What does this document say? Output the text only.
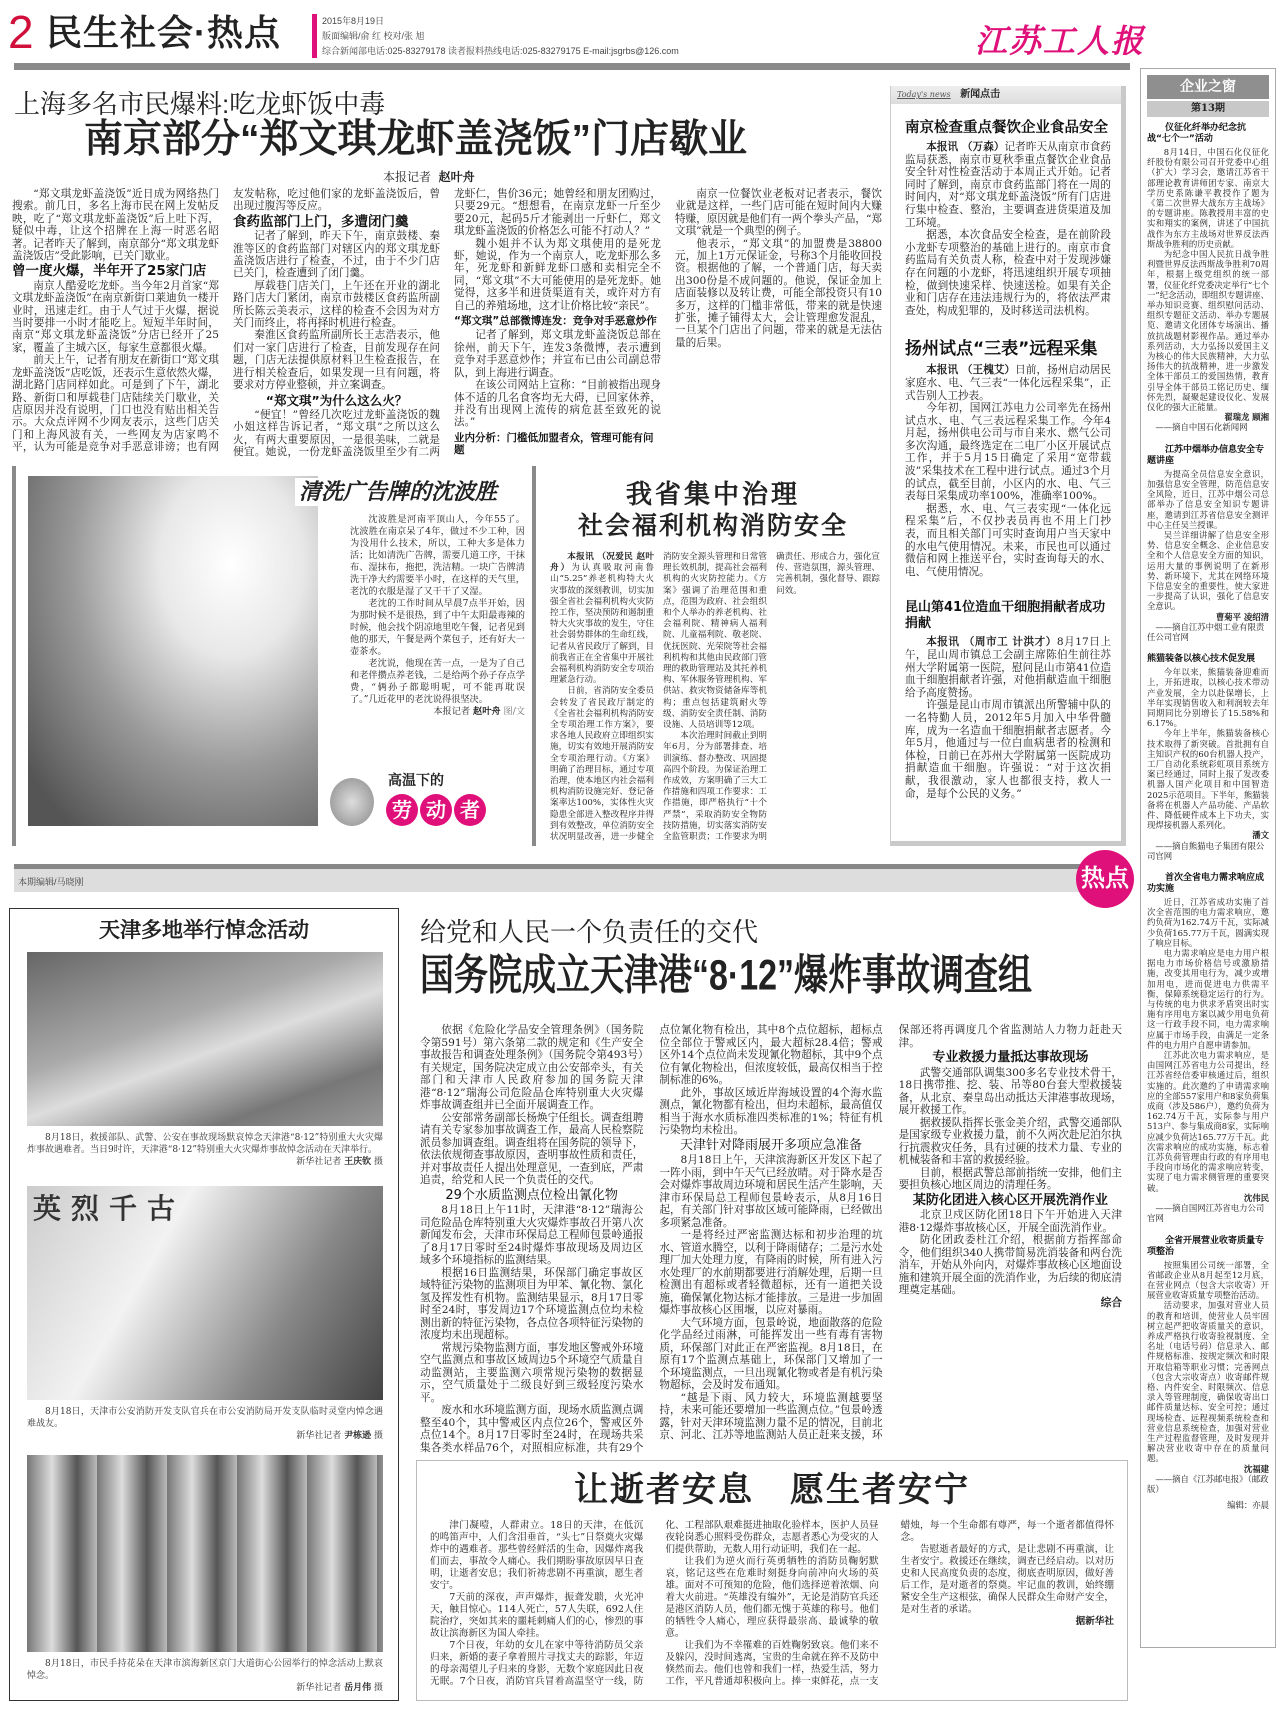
2 民生社会·热点	2015年8月19日
版面编辑/俞 红 校对/张 旭
综合新闻部电话:025-83279178 读者报料热线电话:025-83279175 E-mail:jsgrbs@126.com	江苏工人报
上海多名市民爆料:吃龙虾饭中毒
南京部分“郑文琪龙虾盖浇饭”门店歇业
本报记者 赵叶舟

“郑文琪龙虾盖浇饭”近日成为网络热门搜索。前几日，多名上海市民在网上发帖反映，吃了“郑文琪龙虾盖浇饭”后上吐下泻，疑似中毒，让这个招牌在上海一时恶名昭著。记者昨天了解到，南京部分“郑文琪龙虾盖浇饭店”受此影响，已关门歇业。

曾一度火爆，半年开了25家门店

南京人酷爱吃龙虾。当今年2月首家“郑文琪龙虾盖浇饭”在南京新街口莱迪负一楼开业时，迅速走红。由于人气过于火爆，据说当时要排一小时才能吃上。短短半年时间，南京“郑文琪龙虾盖浇饭”分店已经开了25家，覆盖了主城六区，每家生意都很火爆。

前天上午，记者有朋友在新街口“郑文琪龙虾盖浇饭”店吃饭，还表示生意依然火爆，湖北路门店同样如此。可是到了下午，湖北路、新街口和厚载巷门店陆续关门歇业，关店原因并没有说明，门口也没有贴出相关告示。大众点评网不少网友表示，这些门店关门和上海风波有关，一些网友为店家鸣不平，认为可能是竞争对手恶意诽谤；也有网友发帖称，吃过他们家的龙虾盖浇饭后，曾出现过腹泻等反应。

食药监部门上门，多遭闭门羹

记者了解到，昨天下午，南京鼓楼、秦淮等区的食药监部门对辖区内的郑文琪龙虾盖浇饭店进行了检查，不过，由于不少门店已关门，检查遭到了闭门羹。

厚载巷门店关门，上午还在开业的湖北路门店大门紧闭，南京市鼓楼区食药监所副所长陈云美表示，这样的检查不会因为对方关门而终止，将再择时机进行检查。

秦淮区食药监所副所长王志浩表示，他们对一家门店进行了检查，目前发现存在问题，门店无法提供原材料卫生检查报告，在进行相关检查后，如果发现一旦有问题，将要求对方停业整顿，并立案调查。

“郑文琪”为什么这么火？

“便宜！”曾经几次吃过龙虾盖浇饭的魏小姐这样告诉记者，“郑文琪”之所以这么火，有两大重要原因，一是很美味，二就是便宜。她说，一份龙虾盖浇饭里至少有二两龙虾仁，售价36元；她曾经和朋友团购过，只要29元。“想想看，在南京龙虾一斤至少要20元，起码5斤才能剥出一斤虾仁，郑文琪龙虾盖浇饭的价格怎么可能不打动人？”

魏小姐并不认为郑文琪使用的是死龙虾，她说，作为一个南京人，吃龙虾那么多年，死龙虾和新鲜龙虾口感和卖相完全不同，“郑文琪”不大可能使用的是死龙虾。她觉得，这多半和进货渠道有关，或许对方有自己的养殖场地，这才让价格比较“亲民”。

“郑文琪”总部微博连发：竞争对手恶意炒作

记者了解到，郑文琪龙虾盖浇饭总部在徐州，前天下午，连发3条微博，表示遭到竞争对手恶意炒作；并宣布已由公司副总带队，到上海进行调查。

在该公司网站上宣称：“目前被指出现身体不适的几名食客均无大碍，已回家休养，并没有出现网上流传的病危甚至致死的说法。”

业内分析：门槛低加盟者众，管理可能有问题

南京一位餐饮业老板对记者表示，餐饮业就是这样，一些门店可能在短时间内大赚特赚，原因就是他们有一两个拳头产品，“郑文琪”就是一个典型的例子。

他表示，“郑文琪”的加盟费是38800元，加上1万元保证金，号称3个月能收回投资。根据他的了解，一个普通门店，每天卖出300份是不成问题的。他说，保证金加上店面装修以及转让费，可能全部投资只有10多万，这样的门槛非常低，带来的就是快速扩张，摊子铺得太大，会让管理愈发混乱，一旦某个门店出了问题，带来的就是无法估量的后果。

Today's news 新闻点击
南京检查重点餐饮企业食品安全

本报讯 （万森）记者昨天从南京市食药监局获悉，南京市夏秋季重点餐饮企业食品安全针对性检查活动于本周正式开始。记者同时了解到，南京市食药监部门将在一周的时间内，对“郑文琪龙虾盖浇饭”所有门店进行集中检查、整治，主要调查进货渠道及加工环境。

据悉，本次食品安全检查，是在前阶段小龙虾专项整治的基础上进行的。南京市食药监局有关负责人称，检查中对于发现涉嫌存在问题的小龙虾，将迅速组织开展专项抽检，做到快速采样、快速送检。如果有关企业和门店存在违法违规行为的，将依法严肃查处，构成犯罪的，及时移送司法机构。

扬州试点“三表”远程采集

本报讯 （王槐艾）日前，扬州启动居民家庭水、电、气三表“一体化远程采集”，正式告别人工抄表。

今年初，国网江苏电力公司率先在扬州试点水、电、气三表远程采集工作。今年4月起，扬州供电公司与市自来水、燃气公司多次沟通，最终选定在二电厂小区开展试点工作，并于5月15日确定了采用“宽带载波”采集技术在工程中进行试点。通过3个月的试点，截至目前，小区内的水、电、气三表每日采集成功率100%，准确率100%。

据悉，水、电、气三表实现“一体化远程采集”后，不仅抄表员再也不用上门抄表，而且相关部门可实时查询用户当天家中的水电气使用情况。未来，市民也可以通过微信和网上推送平台，实时查询每天的水、电、气使用情况。

昆山第41位造血干细胞捐献者成功捐献

本报讯 （周市工 计洪才）8月17日上午，昆山周市镇总工会副主席陈伯生前往苏州大学附属第一医院，慰问昆山市第41位造血干细胞捐献者许强，对他捐献造血干细胞给予高度赞扬。

许强是昆山市周市镇派出所警辅中队的一名特勤人员，2012年5月加入中华骨髓库，成为一名造血干细胞捐献者志愿者。今年5月，他通过与一位白血病患者的检测和体检，日前已在苏州大学附属第一医院成功捐献造血干细胞。许强说：“对于这次捐献，我很激动，家人也都很支持，救人一命，是每个公民的义务。”

清洗广告牌的沈波胜

沈波胜是河南平顶山人，今年55了。沈波胜在南京呆了4年，做过不少工种，因为没用什么技术，所以，工种大多是体力活；比如清洗广告牌，需要几道工序，干抹布、湿抹布，拖把，洗洁精。一块广告牌清洗干净大约需要半小时，在这样的天气里，老沈的衣服是湿了又干干了又湿。

老沈的工作时间从早晨7点半开始，因为那时候不是很热，到了中午太阳最毒辣的时候，他会找个阴凉地里吃午餐，记者见到他的那天，午餐是两个菜包子，还有好大一壶茶水。

老沈说，他现在苦一点，一是为了自己和老伴攒点养老钱，二是给两个孙子存点学费，“俩孙子都聪明呢，可不能再耽误了。”几近花甲的老沈说得很坚决。

本报记者 赵叶舟 图/文
高温下的
劳 动 者
我省集中治理
社会福利机构消防安全

本报讯 （况爱民 赵叶舟）为认真吸取河南鲁山“5.25”养老机构特大火灾事故的深刻教训，切实加强全省社会福利机构火灾防控工作，坚决预防和遏制重特大火灾事故的发生，守住社会弱势群体的生命红线，记者从省民政厅了解到，目前我省正在全省集中开展社会福利机构消防安全专项治理紧急行动。

日前，省消防安全委员会转发了省民政厅制定的《全省社会福利机构消防安全专项治理工作方案》，要求各地人民政府立即组织实施，切实有效地开展消防安全专项治理行动。《方案》明确了治理目标，通过专项治理，使本地区内社会福利机构消防设施完好、登记备案率达100%，实体性火灾隐患全部进入整改程序并得到有效整改，单位消防安全状况明显改善，进一步健全消防安全源头管理和日常管理长效机制，提高社会福利机构的火灾防控能力。《方案》强调了治理范围和重点，范围为政府、社会组织和个人举办的养老机构、社会福利院、精神病人福利院、儿童福利院、敬老院、优抚医院、光荣院等社会福利机构和其他由民政部门管理的救助管理站及其托养机构、军休服务管理机构、军供站、救灾物资储备库等机构；重点包括建筑耐火等级、消防安全责任制、消防设施、人员培训等12项。

本次治理时间截止到明年6月，分为部署排查、培训演练、督办整改、巩固提高四个阶段。为保证治理工作成效，方案明确了三大工作措施和四项工作要求：工作措施，即严格执行“十个严禁”，采取消防安全物防技防措施，切实落实消防安全监管职责；工作要求为明确责任、形成合力，强化宣传、营造氛围，源头管理、完善机制，强化督导、跟踪问效。

本期编辑/马晓刚	热点
天津多地举行悼念活动

8月18日，救援部队、武警、公安在事故现场默哀悼念天津港“8·12”特别重大火灾爆炸事故遇难者。当日9时许，天津港“8·12”特别重大火灾爆炸事故悼念活动在天津举行。

新华社记者 王庆钦 摄
英烈千古

8月18日，天津市公安消防开发支队官兵在市公安消防局开发支队临时灵堂内悼念遇难战友。

新华社记者 尹栋逊 摄

8月18日，市民手持花朵在天津市滨海新区京门大道街心公园举行的悼念活动上默哀悼念。

新华社记者 岳月伟 摄
给党和人民一个负责任的交代
国务院成立天津港“8·12”爆炸事故调查组

依据《危险化学品安全管理条例》（国务院令第591号）第六条第二款的规定和《生产安全事故报告和调查处理条例》（国务院令第493号）有关规定，国务院决定成立由公安部牵头，有关部门和天津市人民政府参加的国务院天津港“8·12”瑞海公司危险品仓库特别重大火灾爆炸事故调查组并已全面开展调查工作。

公安部常务副部长杨焕宁任组长。调查组聘请有关专家参加事故调查工作，最高人民检察院派员参加调查组。调查组将在国务院的领导下，依法依规彻查事故原因，查明事故性质和责任，并对事故责任人提出处理意见，一查到底，严肃追责，给党和人民一个负责任的交代。

29个水质监测点位检出氰化物

8月18日上午11时，天津港“8·12”瑞海公司危险品仓库特别重大火灾爆炸事故召开第八次新闻发布会，天津市环保局总工程师包景岭通报了8月17日零时至24时爆炸事故现场及周边区域多个环境指标的监测结果。

根据16日监测结果，环保部门确定事故区域特征污染物的监测项目为甲苯、氰化物、氯化氢及挥发性有机物。监测结果显示，8月17日零时至24时，事发周边17个环境监测点位均未检测出新的特征污染物，各点位各项特征污染物的浓度均未出现超标。

常规污染物监测方面，事发地区警戒外环境空气监测点和事故区域周边5个环境空气质量自动监测站，主要监测六项常规污染物的数据显示，空气质量处于二级良好到三级轻度污染水平。

废水和水环境监测方面，现场水质监测点调整至40个，其中警戒区内点位26个，警戒区外点位14个。8月17日零时至24时，在现场共采集各类水样品76个，对照相应标准，共有29个点位氰化物有检出，其中8个点位超标，超标点位全部位于警戒区内，最大超标28.4倍；警戒区外14个点位尚未发现氰化物超标，其中9个点位有氰化物检出，但浓度较低，最高仅相当于控制标准的6%。

此外，事故区域近岸海域设置的4个海水监测点，氰化物都有检出，但均未超标，最高值仅相当于海水水质标准四类标准的1%；特征有机污染物均未检出。

天津针对降雨展开多项应急准备

8月18日上午，天津滨海新区开发区下起了一阵小雨，到中午天气已经放晴。对于降水是否会对爆炸事故周边环境和居民生活产生影响，天津市环保局总工程师包景岭表示，从8月16日起，有关部门针对事故区域可能降雨，已经做出多项紧急准备。

一是将经过严密监测达标和初步治理的坑水、管道水腾空，以利于降雨储存；二是污水处理厂加大处理力度，有降雨的时候，所有进入污水处理厂的水前期都要进行消解处理，后期一旦检测出有超标或者轻微超标，还有一道把关设施，确保氰化物达标才能排放。三是进一步加固爆炸事故核心区围堰，以应对暴雨。

大气环境方面，包景岭说，地面散落的危险化学品经过雨淋，可能挥发出一些有毒有害物质，环保部门对此正在严密监视。8月18日，在原有17个监测点基础上，环保部门又增加了一个环境监测点，一旦出现氰化物或者是有机污染物超标，会及时发布通知。

“越是下雨、风力较大，环境监测越要坚持，未来可能还要增加一些监测点位。”包景岭透露，针对天津环境监测力量不足的情况，目前北京、河北、江苏等地监测站人员正赶来支援，环保部还将再调度几个省监测站人力物力赶赴天津。

专业救援力量抵达事故现场

武警交通部队调集300多名专业技术骨干，18日携带推、挖、装、吊等80台套大型救援装备，从北京、秦皇岛出动抵达天津港事故现场，展开救援工作。

据救援队指挥长张金美介绍，武警交通部队是国家级专业救援力量，前不久两次赴尼泊尔执行抗震救灾任务，具有过硬的技术力量、专业的机械装备和丰富的救援经验。

目前，根据武警总部前指统一安排，他们主要担负核心地区周边的清理任务。

某防化团进入核心区开展洗消作业

北京卫戍区防化团18日下午开始进入天津港8·12爆炸事故核心区，开展全面洗消作业。

防化团政委杜江介绍，根据前方指挥部命令，他们组织340人携带简易洗消装备和两台洗消车，开始从外向内，对爆炸事故核心区地面设施和建筑开展全面的洗消作业，为后续的彻底清理奠定基础。

综合
让逝者安息　愿生者安宁

津门凝噎，人群肃立。18日的天津，在低沉的鸣笛声中，人们含泪垂首，“头七”日祭奠火灾爆炸中的遇难者。那些曾经鲜活的生命，因爆炸离我们而去，事故令人痛心。我们期盼事故原因早日查明，让逝者安息；我们祈祷悲剧不再重演，愿生者安宁。

7天前的深夜，声声爆炸，振聋发聩，火光冲天，触目惊心。114人死亡，57人失联，692人住院治疗，突如其来的噩耗刺痛人们的心，惨烈的事故让滨海新区为国人牵挂。

7个日夜，年幼的女儿在家中等待消防员父亲归来，新婚的妻子拿着照片寻找丈夫的踪影，年迈的母亲渴望儿子归来的身影，无数个家庭因此日夜无眠。7个日夜，消防官兵冒着高温坚守一线，防化、工程部队艰难挺进抽取化验样本，医护人员昼夜轮岗悉心照料受伤群众，志愿者悉心为受灾的人们提供帮助，无数人用行动证明，我们在一起。

让我们为逆火而行英勇牺牲的消防员鞠躬默哀，铭记这些在危难时刻挺身向前冲向火场的英雄。面对不可预知的危险，他们选择逆着浓烟、向着大火前进。“英雄没有编外”，无论是消防官兵还是港区消防人员，他们都无愧于英雄的称号。他们的牺牲令人痛心，理应获得最崇高、最诚挚的敬意。

让我们为不幸罹难的百姓鞠躬致哀。他们来不及躲闪，没时间逃离，宝贵的生命就在猝不及防中倏然而去。他们也曾和我们一样，热爱生活，努力工作，平凡普通却积极向上。捧一束鲜花，点一支蜡烛，每一个生命都有尊严，每一个逝者都值得怀念。

告慰逝者最好的方式，是让悲剧不再重演，让生者安宁。救援还在继续，调查已经启动。以对历史和人民高度负责的态度，彻底查明原因，做好善后工作，是对逝者的祭奠。牢记血的教训，始终绷紧安全生产这根弦，确保人民群众生命财产安全，是对生者的承诺。

据新华社
企业之窗
第13期
仪征化纤举办纪念抗战“七个一”活动

8月14日，中国石化仪征化纤股份有限公司召开党委中心组（扩大）学习会，邀请江苏省干部理论教育讲师团专家、南京大学历史系陈谦平教授作了题为《第二次世界大战东方主战场》的专题讲座。陈教授用丰富的史实和翔实的案例，讲述了中国抗战作为东方主战场对世界反法西斯战争胜利的历史贡献。

为纪念中国人民抗日战争胜利暨世界反法西斯战争胜利70周年，根据上级党组织的统一部署，仪征化纤党委决定举行“七个一”纪念活动，即组织专题讲座、举办知识竞赛、组织慰问活动、组织专题征文活动、举办专题展览、邀请文化团体专场演出、播放抗战题材影视作品。通过举办系列活动，大力弘扬以爱国主义为核心的伟大民族精神，大力弘扬伟大的抗战精神，进一步激发全体干部员工的爱国热情，教育引导全体干部员工铭记历史、缅怀先烈，凝聚起建设仪化、发展仪化的强大正能量。

翟瑞龙 顾湘
——摘自中国石化新闻网
江苏中烟举办信息安全专题讲座

为提高全员信息安全意识，加强信息安全管理，防范信息安全风险，近日，江苏中烟公司总部举办了信息安全知识专题讲座，邀请到江苏省信息安全测评中心主任吴兰授课。

吴兰详细讲解了信息安全形势、信息安全概念、企业信息安全和个人信息安全方面的知识，运用大量的事例说明了在新形势、新环境下，尤其在网络环境下信息安全的重要性，使大家进一步提高了认识，强化了信息安全意识。

曹菊平 凌绍清
——摘自江苏中烟工业有限责任公司官网
熊猫装备以核心技术促发展

今年以来，熊猫装备迎难而上，开拓进取，以核心技术带动产业发展，全力以赴保增长，上半年实现销售收入和利润较去年同期同比分别增长了15.58%和6.17%。

今年上半年，熊猫装备核心技术取得了新突破。首批拥有自主知识产权的60台机器人投产，工厂自动化系统彩虹项目系统方案已经通过，同时上报了发改委机器人国产化项目和中国智造2025示范项目。下半年，熊猫装备将在机器人产品功能、产品软件、降低硬件成本上下功夫，实现焊接机器人系列化。

潘文
——摘自熊猫电子集团有限公司官网
首次全省电力需求响应成功实施

近日，江苏省成功实施了首次全省范围的电力需求响应，邀约负荷为162.74万千瓦，实际减少负荷165.77万千瓦，圆满实现了响应目标。

电力需求响应是电力用户根据电力市场价格信号或激励措施，改变其用电行为，减少或增加用电，进而促进电力供需平衡，保障系统稳定运行的行为。与传统的电力供求矛盾突出时实施有序用电方案以减少用电负荷这一行政手段不同，电力需求响应属于市场手段，由满足一定条件的电力用户自愿申请参加。

江苏此次电力需求响应，是由国网江苏省电力公司提出，经江苏省经信委审核通过后，组织实施的。此次邀约了申请需求响应的全部557家用户和8家负荷集成商（涉及586户），邀约负荷为162.74万千瓦，实际参与用户513户、参与集成商8家，实际响应减少负荷达165.77万千瓦。此次需求响应的成功实施，标志着江苏负荷管理由行政的有序用电手段向市场化的需求响应转变，实现了电力需求侧管理的重要突破。

沈伟民
——摘自国网江苏省电力公司官网
全省开展营业收寄质量专项整治

按照集团公司统一部署，全省邮政企业从8月起至12月底，在营业网点（包含大宗收寄）开展营业收寄质量专项整治活动。

活动要求，加强对营业人员的教育和培训，使营业人员牢固树立起严把收寄质量关的意识，养成严格执行收寄验视制度、全名址（电话号码）信息录入、邮件规格标准、按规定频次和时限开取信箱等职业习惯；完善网点（包含大宗收寄点）收寄邮件规格、内件安全、时限频次、信息录入等管理制度，确保收寄出口邮件质量达标、安全可控；通过现场检查、远程视频系统检查和营业信息系统检查，加强对营业生产过程监督管理，及时发现并解决营业收寄中存在的质量问题。

沈福建
——摘自《江苏邮电报》（邮政版）
编辑：亦晨
